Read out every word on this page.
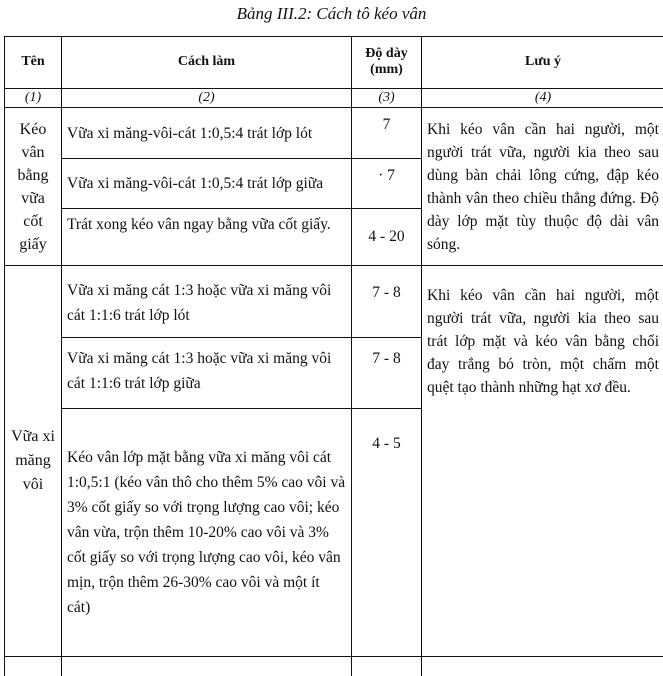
Bảng III.2: Cách tô kéo vân
Tên	Cách làm	Độ dày (mm)	Lưu ý
(1)	(2)	(3)	(4)
Kéo vân bằng vữa cốt giấy	Vữa xi măng-vôi-cát 1:0,5:4 trát lớp lót	7	Khi kéo vân cần hai người, một người trát vữa, người kia theo sau dùng bàn chải lông cứng, đập kéo thành vân theo chiều thẳng đứng. Độ dày lớp mặt tùy thuộc độ dài vân sóng.
	Vữa xi măng-vôi-cát 1:0,5:4 trát lớp giữa	· 7	
	Trát xong kéo vân ngay bằng vữa cốt giấy.	4 - 20	
Vữa xi măng vôi	Vữa xi măng cát 1:3 hoặc vữa xi măng vôi cát 1:1:6 trát lớp lót	7 - 8	Khi kéo vân cần hai người, một người trát vữa, người kia theo sau trát lớp mặt và kéo vân bằng chổi đay trắng bó tròn, một chấm một quệt tạo thành những hạt xơ đều.
	Vữa xi măng cát 1:3 hoặc vữa xi măng vôi cát 1:1:6 trát lớp giữa	7 - 8	
	Kéo vân lớp mặt bằng vữa xi măng vôi cát 1:0,5:1 (kéo vân thô cho thêm 5% cao vôi và 3% cốt giấy so với trọng lượng cao vôi; kéo vân vừa, trộn thêm 10-20% cao vôi và 3% cốt giấy so với trọng lượng cao vôi, kéo vân mịn, trộn thêm 26-30% cao vôi và một ít cát)	4 - 5	
